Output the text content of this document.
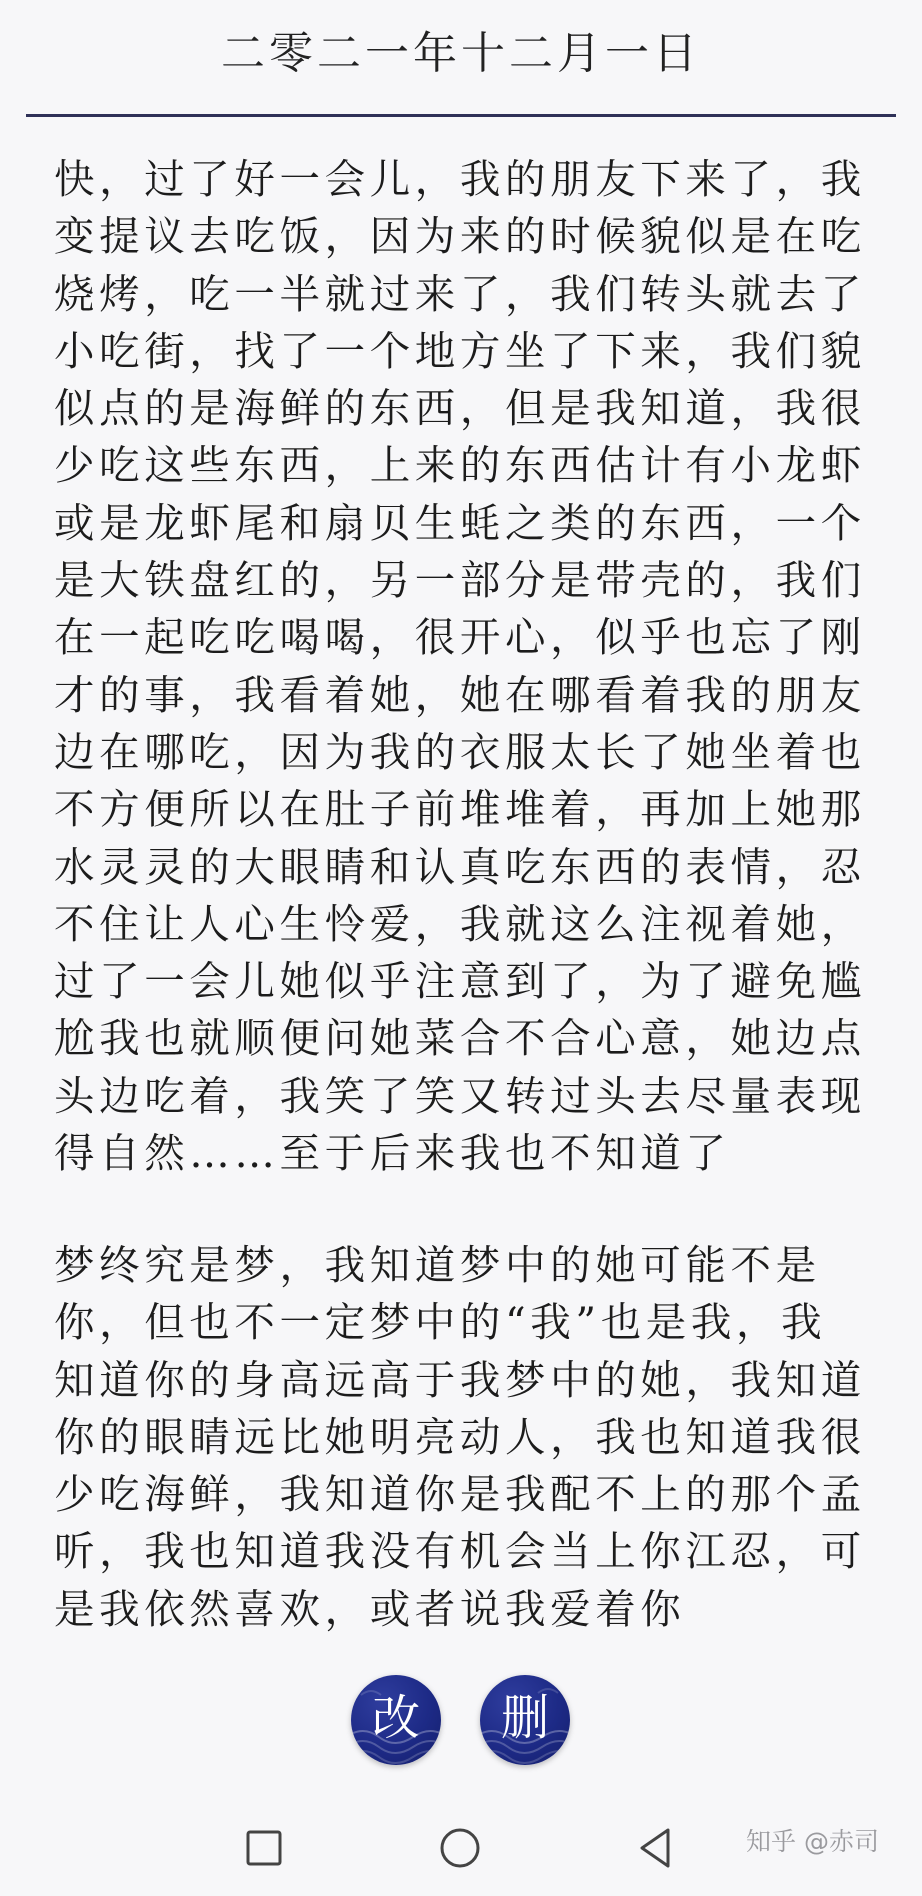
二零二一年十二月一日
快，过了好一会儿，我的朋友下来了，我
变提议去吃饭，因为来的时候貌似是在吃
烧烤，吃一半就过来了，我们转头就去了
小吃街，找了一个地方坐了下来，我们貌
似点的是海鲜的东西，但是我知道，我很
少吃这些东西，上来的东西估计有小龙虾
或是龙虾尾和扇贝生蚝之类的东西，一个
是大铁盘红的，另一部分是带壳的，我们
在一起吃吃喝喝，很开心，似乎也忘了刚
才的事，我看着她，她在哪看着我的朋友
边在哪吃，因为我的衣服太长了她坐着也
不方便所以在肚子前堆堆着，再加上她那
水灵灵的大眼睛和认真吃东西的表情，忍
不住让人心生怜爱，我就这么注视着她，
过了一会儿她似乎注意到了，为了避免尴
尬我也就顺便问她菜合不合心意，她边点
头边吃着，我笑了笑又转过头去尽量表现
得自然……至于后来我也不知道了
梦终究是梦，我知道梦中的她可能不是
你，但也不一定梦中的“我”也是我，我
知道你的身高远高于我梦中的她，我知道
你的眼睛远比她明亮动人，我也知道我很
少吃海鲜，我知道你是我配不上的那个孟
听，我也知道我没有机会当上你江忍，可
是我依然喜欢，或者说我爱着你
改	删
知乎 @赤司
